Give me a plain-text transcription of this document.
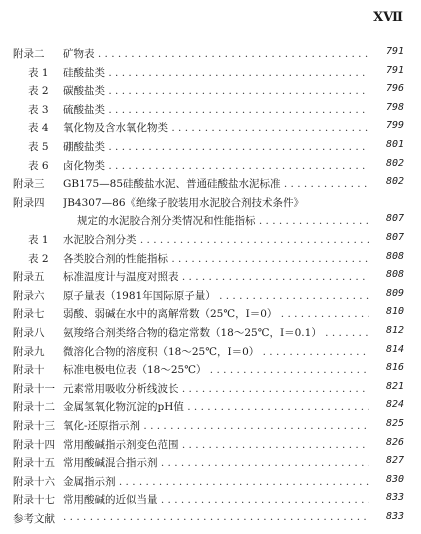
XⅦ
附录二 矿物表 . . .	791
表 1 硅酸盐类 . . .	791
表 2 碳酸盐类 . . .	796
表 3 硫酸盐类 . . .	798
表 4 氧化物及含水氧化物类 . . .	799
表 5 硼酸盐类 . . .	801
表 6 卤化物类 . . .	802
附录三 GB175—85硅酸盐水泥、普通硅酸盐水泥标准 . . .	802
附录四 JB4307—86《绝缘子胶装用水泥胶合剂技术条件》
规定的水泥胶合剂分类情况和性能指标 . . .	807
表 1 水泥胶合剂分类 . . .	807
表 2 各类胶合剂的性能指标 . . .	808
附录五 标准温度计与温度对照表 . . .	808
附录六 原子量表（1981年国际原子量） . . .	809
附录七 弱酸、弱碱在水中的离解常数（25℃，I＝0） . . .	810
附录八 氨羧络合剂类络合物的稳定常数（18～25℃，I＝0.1） . . .	812
附录九 微溶化合物的溶度积（18～25℃，I＝0） . . .	814
附录十 标准电极电位表（18～25℃） . . .	816
附录十一 元素常用吸收分析线波长 . . .	821
附录十二 金属氢氧化物沉淀的pH值 . . .	824
附录十三 氧化-还原指示剂 . . .	825
附录十四 常用酸碱指示剂变色范围 . . .	826
附录十五 常用酸碱混合指示剂 . . .	827
附录十六 金属指示剂 . . .	830
附录十七 常用酸碱的近似当量 . . .	833
参考文献 . . .	833
